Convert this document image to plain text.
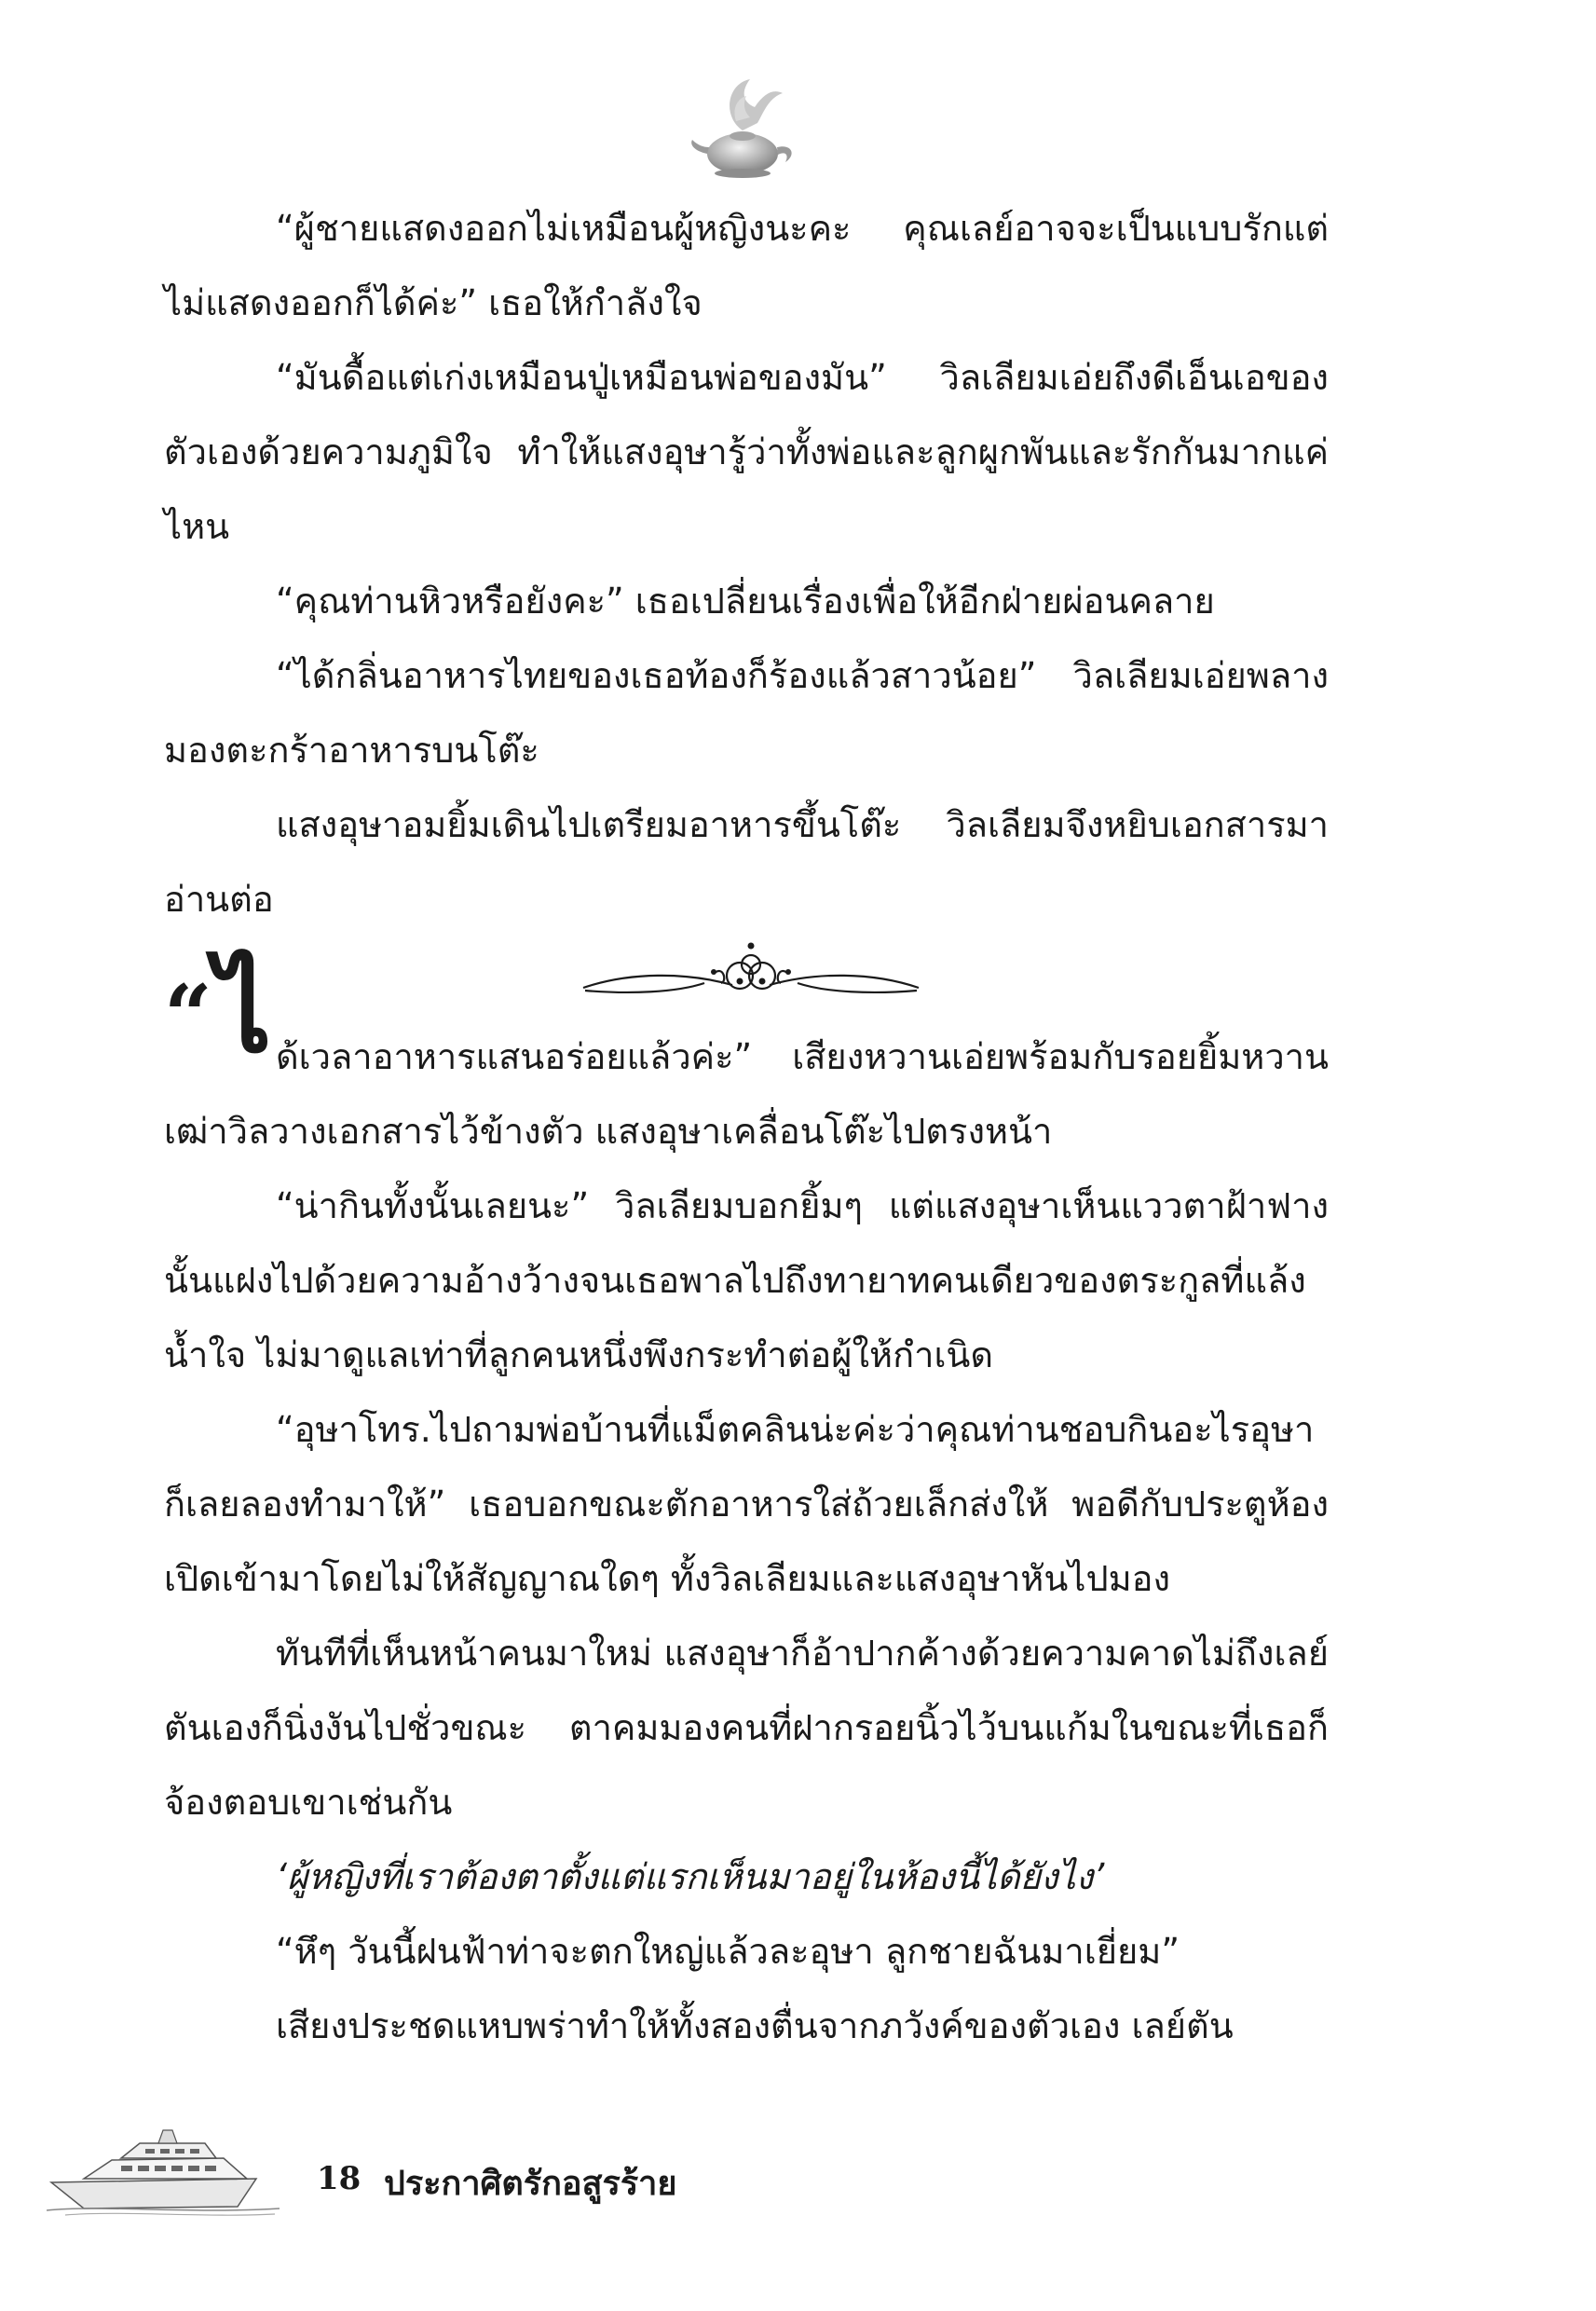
“ผู้ชายแสดงออกไม่เหมือนผู้หญิงนะคะ คุณเลย์อาจจะเป็นแบบรักแต่ไม่แสดงออกก็ได้ค่ะ” เธอให้กำลังใจ

“มันดื้อแต่เก่งเหมือนปู่เหมือนพ่อของมัน” วิลเลียมเอ่ยถึงดีเอ็นเอของตัวเองด้วยความภูมิใจ ทำให้แสงอุษารู้ว่าทั้งพ่อและลูกผูกพันและรักกันมากแค่ไหน

“คุณท่านหิวหรือยังคะ” เธอเปลี่ยนเรื่องเพื่อให้อีกฝ่ายผ่อนคลาย

“ได้กลิ่นอาหารไทยของเธอท้องก็ร้องแล้วสาวน้อย” วิลเลียมเอ่ยพลางมองตะกร้าอาหารบนโต๊ะ

แสงอุษาอมยิ้มเดินไปเตรียมอาหารขึ้นโต๊ะ วิลเลียมจึงหยิบเอกสารมาอ่านต่อ

“ ไ ด้เวลาอาหารแสนอร่อยแล้วค่ะ” เสียงหวานเอ่ยพร้อมกับรอยยิ้มหวาน เฒ่าวิลวางเอกสารไว้ข้างตัว แสงอุษาเคลื่อนโต๊ะไปตรงหน้า

“น่ากินทั้งนั้นเลยนะ” วิลเลียมบอกยิ้มๆ แต่แสงอุษาเห็นแววตาฝ้าฟางนั้นแฝงไปด้วยความอ้างว้างจนเธอพาลไปถึงทายาทคนเดียวของตระกูลที่แล้งน้ำใจ ไม่มาดูแลเท่าที่ลูกคนหนึ่งพึงกระทำต่อผู้ให้กำเนิด

“อุษาโทร.ไปถามพ่อบ้านที่แม็ตคลินน่ะค่ะว่าคุณท่านชอบกินอะไรอุษาก็เลยลองทำมาให้” เธอบอกขณะตักอาหารใส่ถ้วยเล็กส่งให้ พอดีกับประตูห้องเปิดเข้ามาโดยไม่ให้สัญญาณใดๆ ทั้งวิลเลียมและแสงอุษาหันไปมอง

ทันทีที่เห็นหน้าคนมาใหม่ แสงอุษาก็อ้าปากค้างด้วยความคาดไม่ถึงเลย์ตันเองก็นิ่งงันไปชั่วขณะ ตาคมมองคนที่ฝากรอยนิ้วไว้บนแก้มในขณะที่เธอก็จ้องตอบเขาเช่นกัน

‘ผู้หญิงที่เราต้องตาตั้งแต่แรกเห็นมาอยู่ในห้องนี้ได้ยังไง’

“หึๆ วันนี้ฝนฟ้าท่าจะตกใหญ่แล้วละอุษา ลูกชายฉันมาเยี่ยม”

เสียงประชดแหบพร่าทำให้ทั้งสองตื่นจากภวังค์ของตัวเอง เลย์ตัน

18 ประกาศิตรักอสูรร้าย
